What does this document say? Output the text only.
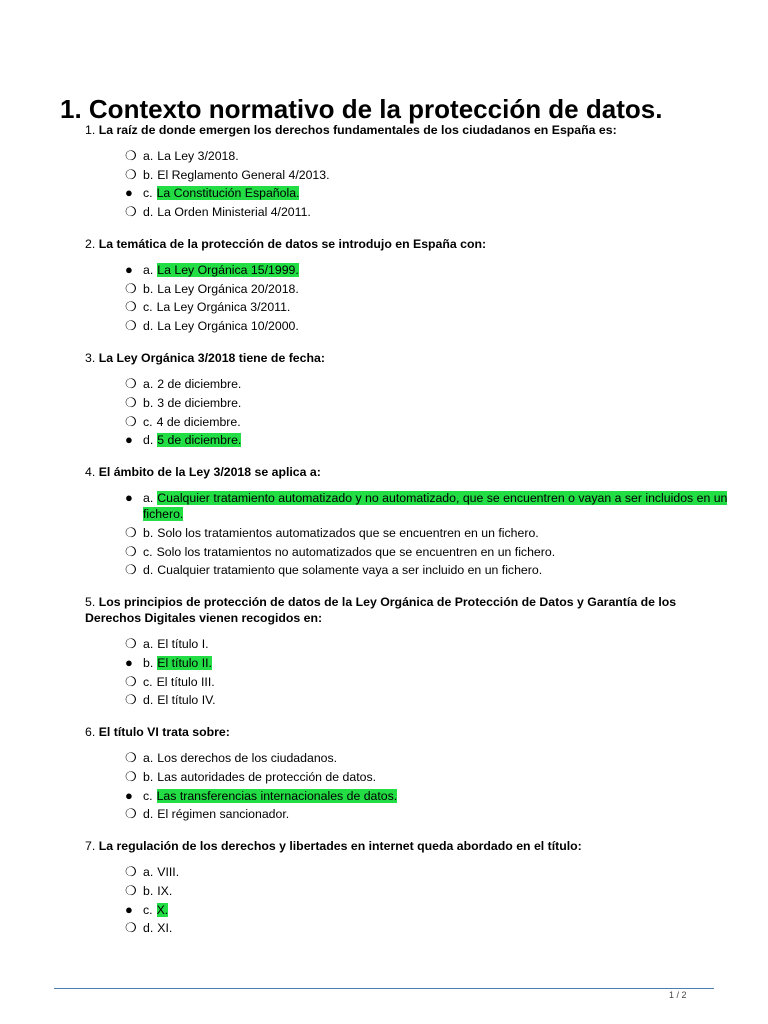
1. Contexto normativo de la protección de datos.
1. La raíz de donde emergen los derechos fundamentales de los ciudadanos en España es:
❍ a. La Ley 3/2018.
❍ b. El Reglamento General 4/2013.
● c. La Constitución Española.
❍ d. La Orden Ministerial 4/2011.
2. La temática de la protección de datos se introdujo en España con:
● a. La Ley Orgánica 15/1999.
❍ b. La Ley Orgánica 20/2018.
❍ c. La Ley Orgánica 3/2011.
❍ d. La Ley Orgánica 10/2000.
3. La Ley Orgánica 3/2018 tiene de fecha:
❍ a. 2 de diciembre.
❍ b. 3 de diciembre.
❍ c. 4 de diciembre.
● d. 5 de diciembre.
4. El ámbito de la Ley 3/2018 se aplica a:
● a. Cualquier tratamiento automatizado y no automatizado, que se encuentren o vayan a ser incluidos en un fichero.
❍ b. Solo los tratamientos automatizados que se encuentren en un fichero.
❍ c. Solo los tratamientos no automatizados que se encuentren en un fichero.
❍ d. Cualquier tratamiento que solamente vaya a ser incluido en un fichero.
5. Los principios de protección de datos de la Ley Orgánica de Protección de Datos y Garantía de los Derechos Digitales vienen recogidos en:
❍ a. El título I.
● b. El título II.
❍ c. El título III.
❍ d. El título IV.
6. El título VI trata sobre:
❍ a. Los derechos de los ciudadanos.
❍ b. Las autoridades de protección de datos.
● c. Las transferencias internacionales de datos.
❍ d. El régimen sancionador.
7. La regulación de los derechos y libertades en internet queda abordado en el título:
❍ a. VIII.
❍ b. IX.
● c. X.
❍ d. XI.
1 / 2
